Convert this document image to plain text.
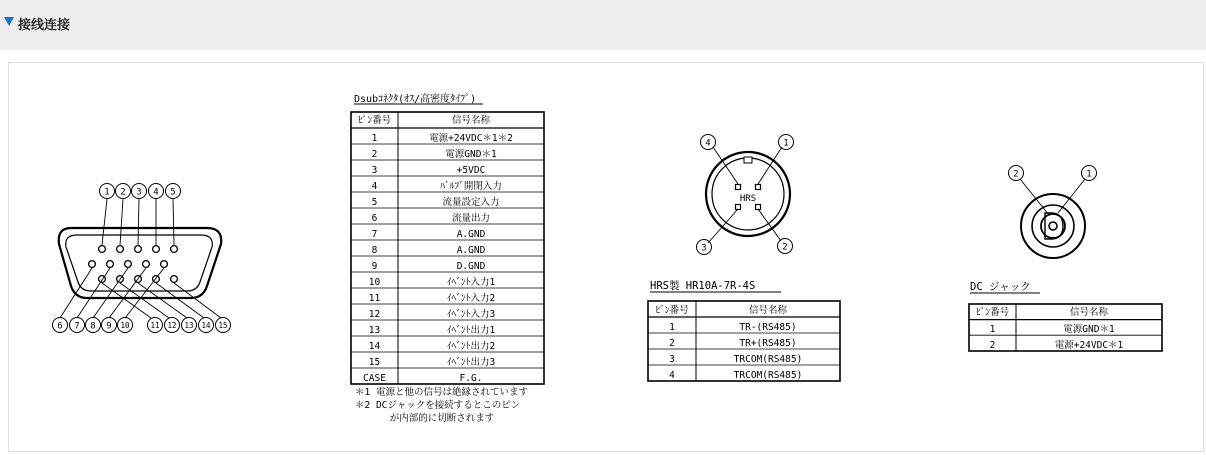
接线连接
1 2 3 4 5
6 7 8 9 10	11 12 13 14 15
Dsubｺﾈｸﾀ(ｵｽ/高密度ﾀｲﾌﾟ)
ﾋﾟﾝ番号	信号名称
1	電源+24VDC＊1＊2
2	電源GND＊1
3	+5VDC
4	ﾊﾞﾙﾌﾞ開閉入力
5	流量設定入力
6	流量出力
7	A.GND
8	A.GND
9	D.GND
10	ｲﾍﾞﾝﾄ入力1
11	ｲﾍﾞﾝﾄ入力2
12	ｲﾍﾞﾝﾄ入力3
13	ｲﾍﾞﾝﾄ出力1
14	ｲﾍﾞﾝﾄ出力2
15	ｲﾍﾞﾝﾄ出力3
CASE	F.G.
＊1 電源と他の信号は絶縁されています
＊2 DCジャックを接続するとこのピン
が内部的に切断されます
1
2
3
4
HRS
HRS製 HR10A-7R-4S
ﾋﾟﾝ番号	信号名称
1	TR-(RS485)
2	TR+(RS485)
3	TRCOM(RS485)
4	TRCOM(RS485)
1
2
DC ジャック
ﾋﾟﾝ番号	信号名称
1	電源GND＊1
2	電源+24VDC＊1
